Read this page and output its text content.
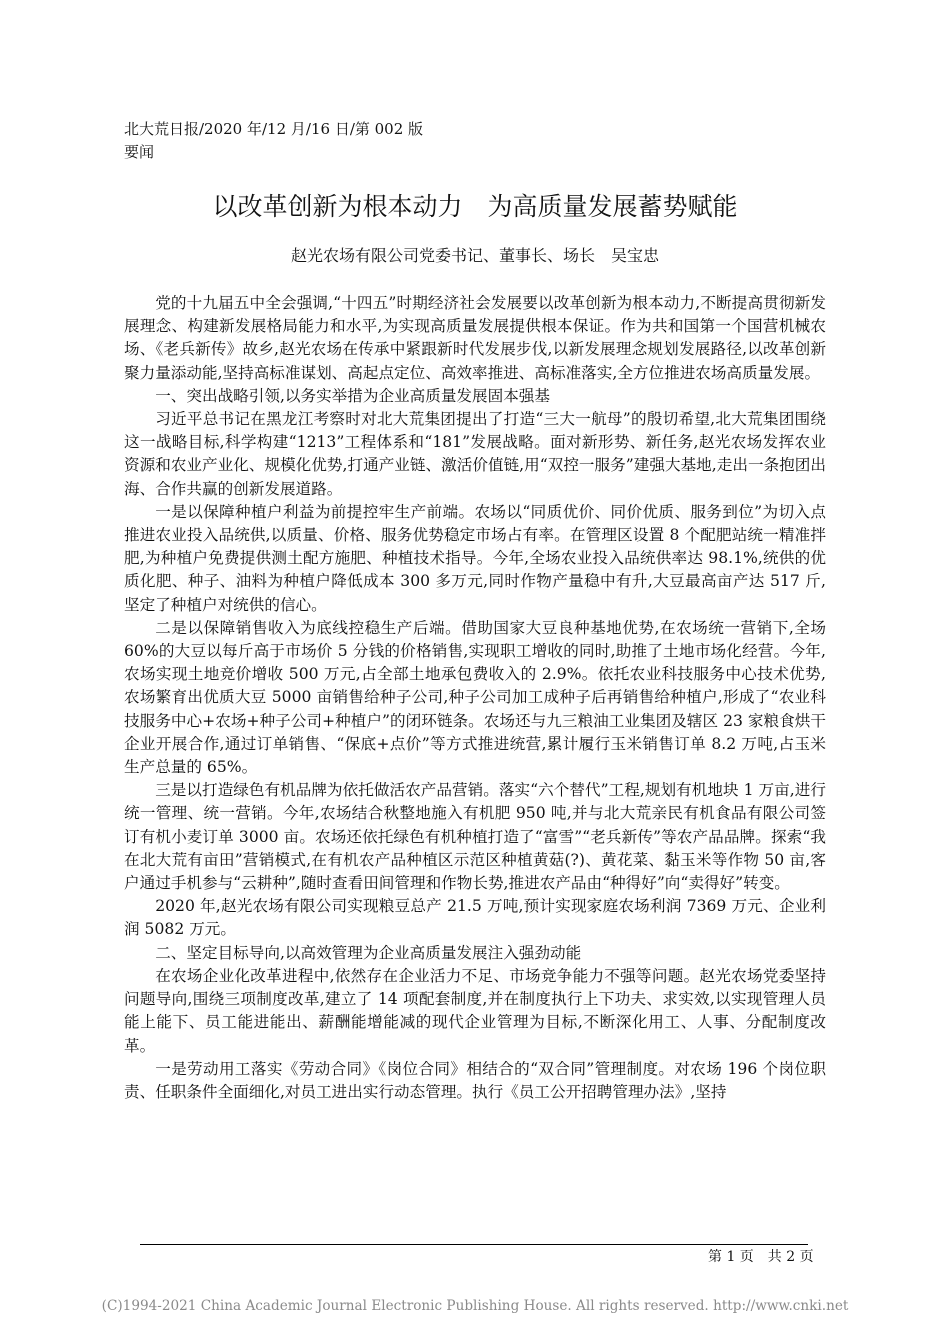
北大荒日报/2020 年/12 月/16 日/第 002 版
要闻
以改革创新为根本动力　为高质量发展蓄势赋能
赵光农场有限公司党委书记、董事长、场长　吴宝忠

党的十九届五中全会强调,“十四五”时期经济社会发展要以改革创新为根本动力,不断提高贯彻新发展理念、构建新发展格局能力和水平,为实现高质量发展提供根本保证。作为共和国第一个国营机械农场、《老兵新传》故乡,赵光农场在传承中紧跟新时代发展步伐,以新发展理念规划发展路径,以改革创新聚力量添动能,坚持高标准谋划、高起点定位、高效率推进、高标准落实,全方位推进农场高质量发展。

一、突出战略引领,以务实举措为企业高质量发展固本强基

习近平总书记在黑龙江考察时对北大荒集团提出了打造“三大一航母”的殷切希望,北大荒集团围绕这一战略目标,科学构建“1213”工程体系和“181”发展战略。面对新形势、新任务,赵光农场发挥农业资源和农业产业化、规模化优势,打通产业链、激活价值链,用“双控一服务”建强大基地,走出一条抱团出海、合作共赢的创新发展道路。

一是以保障种植户利益为前提控牢生产前端。农场以“同质优价、同价优质、服务到位”为切入点推进农业投入品统供,以质量、价格、服务优势稳定市场占有率。在管理区设置 8 个配肥站统一精准拌肥,为种植户免费提供测土配方施肥、种植技术指导。今年,全场农业投入品统供率达 98.1%,统供的优质化肥、种子、油料为种植户降低成本 300 多万元,同时作物产量稳中有升,大豆最高亩产达 517 斤,坚定了种植户对统供的信心。

二是以保障销售收入为底线控稳生产后端。借助国家大豆良种基地优势,在农场统一营销下,全场 60%的大豆以每斤高于市场价 5 分钱的价格销售,实现职工增收的同时,助推了土地市场化经营。今年,农场实现土地竞价增收 500 万元,占全部土地承包费收入的 2.9%。依托农业科技服务中心技术优势,农场繁育出优质大豆 5000 亩销售给种子公司,种子公司加工成种子后再销售给种植户,形成了“农业科技服务中心+农场+种子公司+种植户”的闭环链条。农场还与九三粮油工业集团及辖区 23 家粮食烘干企业开展合作,通过订单销售、“保底+点价”等方式推进统营,累计履行玉米销售订单 8.2 万吨,占玉米生产总量的 65%。

三是以打造绿色有机品牌为依托做活农产品营销。落实“六个替代”工程,规划有机地块 1 万亩,进行统一管理、统一营销。今年,农场结合秋整地施入有机肥 950 吨,并与北大荒亲民有机食品有限公司签订有机小麦订单 3000 亩。农场还依托绿色有机种植打造了“富雪”“老兵新传”等农产品品牌。探索“我在北大荒有亩田”营销模式,在有机农产品种植区示范区种植黄菇(?)、黄花菜、黏玉米等作物 50 亩,客户通过手机参与“云耕种”,随时查看田间管理和作物长势,推进农产品由“种得好”向“卖得好”转变。

2020 年,赵光农场有限公司实现粮豆总产 21.5 万吨,预计实现家庭农场利润 7369 万元、企业利润 5082 万元。

二、坚定目标导向,以高效管理为企业高质量发展注入强劲动能

在农场企业化改革进程中,依然存在企业活力不足、市场竞争能力不强等问题。赵光农场党委坚持问题导向,围绕三项制度改革,建立了 14 项配套制度,并在制度执行上下功夫、求实效,以实现管理人员能上能下、员工能进能出、薪酬能增能减的现代企业管理为目标,不断深化用工、人事、分配制度改革。

一是劳动用工落实《劳动合同》《岗位合同》相结合的“双合同”管理制度。对农场 196 个岗位职责、任职条件全面细化,对员工进出实行动态管理。执行《员工公开招聘管理办法》,坚持

第 1 页　共 2 页
(C)1994-2021 China Academic Journal Electronic Publishing House. All rights reserved. http://www.cnki.net
